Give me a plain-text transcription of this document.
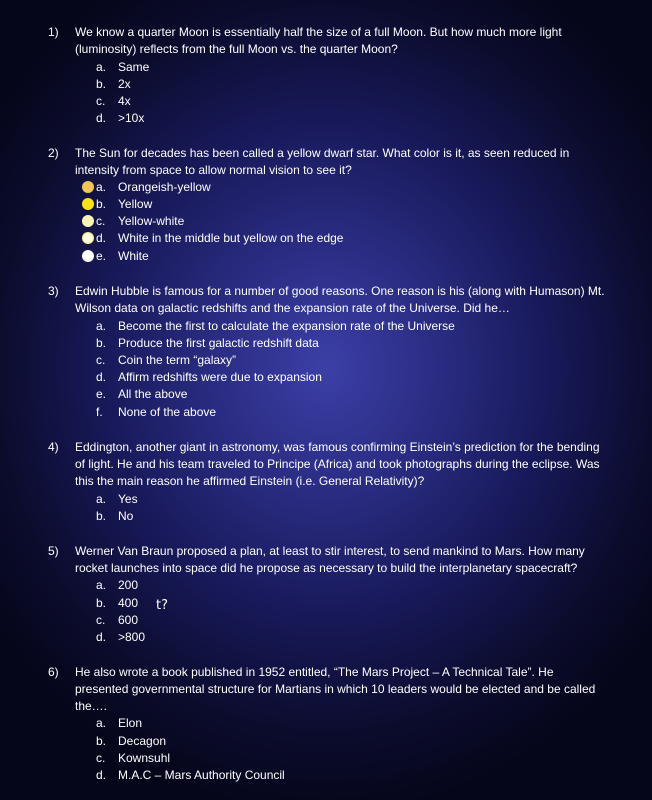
1) We know a quarter Moon is essentially half the size of a full Moon. But how much more light
(luminosity) reflects from the full Moon vs. the quarter Moon?
a. Same
b. 2x
c. 4x
d. >10x
2) The Sun for decades has been called a yellow dwarf star. What color is it, as seen reduced in
intensity from space to allow normal vision to see it?
a. Orangeish-yellow
b. Yellow
c. Yellow-white
d. White in the middle but yellow on the edge
e. White
3) Edwin Hubble is famous for a number of good reasons. One reason is his (along with Humason) Mt.
Wilson data on galactic redshifts and the expansion rate of the Universe. Did he…
a. Become the first to calculate the expansion rate of the Universe
b. Produce the first galactic redshift data
c. Coin the term “galaxy”
d. Affirm redshifts were due to expansion
e. All the above
f. None of the above
4) Eddington, another giant in astronomy, was famous confirming Einstein’s prediction for the bending
of light. He and his team traveled to Principe (Africa) and took photographs during the eclipse. Was
this the main reason he affirmed Einstein (i.e. General Relativity)?
a. Yes
b. No
5) Werner Van Braun proposed a plan, at least to stir interest, to send mankind to Mars. How many
rocket launches into space did he propose as necessary to build the interplanetary spacecraft?
a. 200
b. 400
c. 600
d. >800
t?
6) He also wrote a book published in 1952 entitled, “The Mars Project – A Technical Tale”. He
presented governmental structure for Martians in which 10 leaders would be elected and be called
the….
a. Elon
b. Decagon
c. Kownsuhl
d. M.A.C – Mars Authority Council
